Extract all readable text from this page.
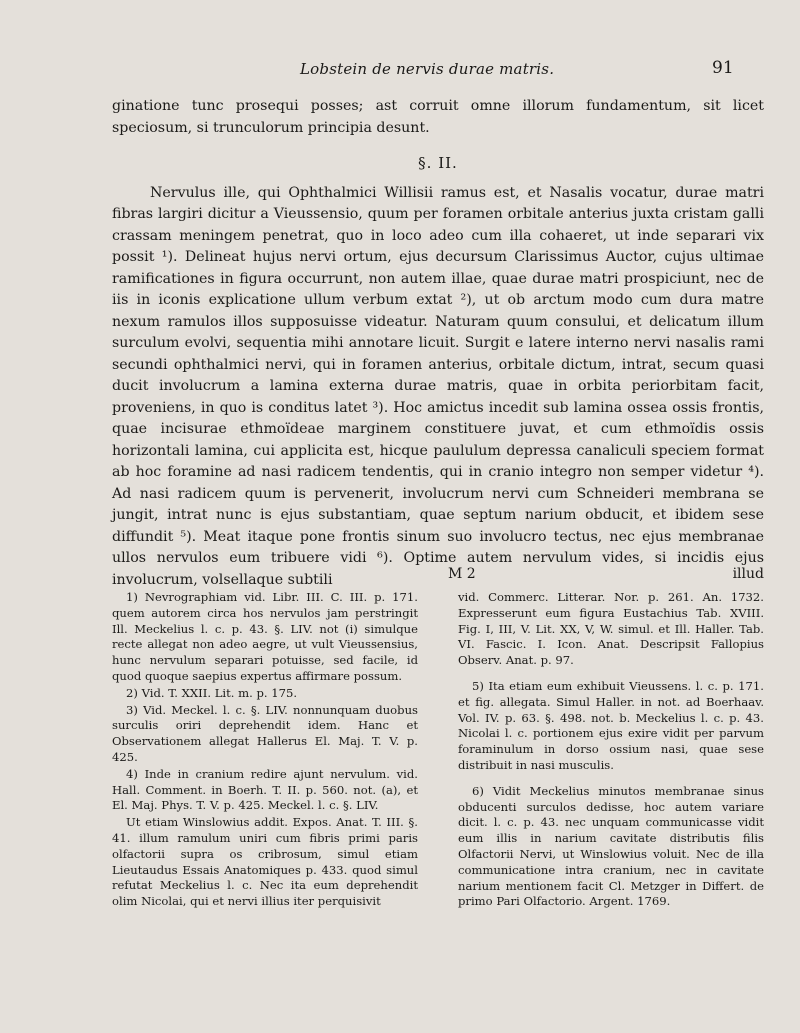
Lobstein de nervis durae matris.	91

ginatione tunc prosequi posses; ast corruit omne illorum fundamentum, sit licet speciosum, si trunculorum principia desunt.

§. II.

Nervulus ille, qui Ophthalmici Willisii ramus est, et Nasalis vocatur, durae matri fibras largiri dicitur a Vieussensio, quum per foramen orbitale anterius juxta cristam galli crassam meningem penetrat, quo in loco adeo cum illa cohaeret, ut inde separari vix possit ¹). Delineat hujus nervi ortum, ejus decursum Clarissimus Auctor, cujus ultimae ramificationes in figura occurrunt, non autem illae, quae durae matri prospiciunt, nec de iis in iconis explicatione ullum verbum extat ²), ut ob arctum modo cum dura matre nexum ramulos illos supposuisse videatur. Naturam quum consului, et delicatum illum surculum evolvi, sequentia mihi annotare licuit. Surgit e latere interno nervi nasalis rami secundi ophthalmici nervi, qui in foramen anterius, orbitale dictum, intrat, secum quasi ducit involucrum a lamina externa durae matris, quae in orbita periorbitam facit, proveniens, in quo is conditus latet ³). Hoc amictus incedit sub lamina ossea ossis frontis, quae incisurae ethmoïdeae marginem constituere juvat, et cum ethmoïdis ossis horizontali lamina, cui applicita est, hicque paululum depressa canaliculi speciem format ab hoc foramine ad nasi radicem tendentis, qui in cranio integro non semper videtur ⁴). Ad nasi radicem quum is pervenerit, involucrum nervi cum Schneideri membrana se jungit, intrat nunc is ejus substantiam, quae septum narium obducit, et ibidem sese diffundit ⁵). Meat itaque pone frontis sinum suo involucro tectus, nec ejus membranae ullos nervulos eum tribuere vidi ⁶). Optime autem nervulum vides, si incidis ejus involucrum, volsellaque subtili	M 2	illud

1) Nevrographiam vid. Libr. III. C. III. p. 171. quem autorem circa hos nervulos jam perstringit Ill. Meckelius l. c. p. 43. §. LIV. not (i) simulque recte allegat non adeo aegre, ut vult Vieussensius, hunc nervulum separari potuisse, sed facile, id quod quoque saepius expertus affirmare possum.

2) Vid. T. XXII. Lit. m. p. 175.

3) Vid. Meckel. l. c. §. LIV. nonnunquam duobus surculis oriri deprehendit idem. Hanc et Observationem allegat Hallerus El. Maj. T. V. p. 425.

4) Inde in cranium redire ajunt nervulum. vid. Hall. Comment. in Boerh. T. II. p. 560. not. (a), et El. Maj. Phys. T. V. p. 425. Meckel. l. c. §. LIV.

Ut etiam Winslowius addit. Expos. Anat. T. III. §. 41. illum ramulum uniri cum fibris primi paris olfactorii supra os cribrosum, simul etiam Lieutaudus Essais Anatomiques p. 433. quod simul refutat Meckelius l. c. Nec ita eum deprehendit olim Nicolai, qui et nervi illius iter perquisivit

vid. Commerc. Litterar. Nor. p. 261. An. 1732. Expresserunt eum figura Eustachius Tab. XVIII. Fig. I, III, V. Lit. XX, V, W. simul. et Ill. Haller. Tab. VI. Fascic. I. Icon. Anat. Descripsit Fallopius Observ. Anat. p. 97.

5) Ita etiam eum exhibuit Vieussens. l. c. p. 171. et fig. allegata. Simul Haller. in not. ad Boerhaav. Vol. IV. p. 63. §. 498. not. b. Meckelius l. c. p. 43. Nicolai l. c. portionem ejus exire vidit per parvum foraminulum in dorso ossium nasi, quae sese distribuit in nasi musculis.

6) Vidit Meckelius minutos membranae sinus obducenti surculos dedisse, hoc autem variare dicit. l. c. p. 43. nec unquam communicasse vidit eum illis in narium cavitate distributis filis Olfactorii Nervi, ut Winslowius voluit. Nec de illa communicatione intra cranium, nec in cavitate narium mentionem facit Cl. Metzger in Differt. de primo Pari Olfactorio. Argent. 1769.
